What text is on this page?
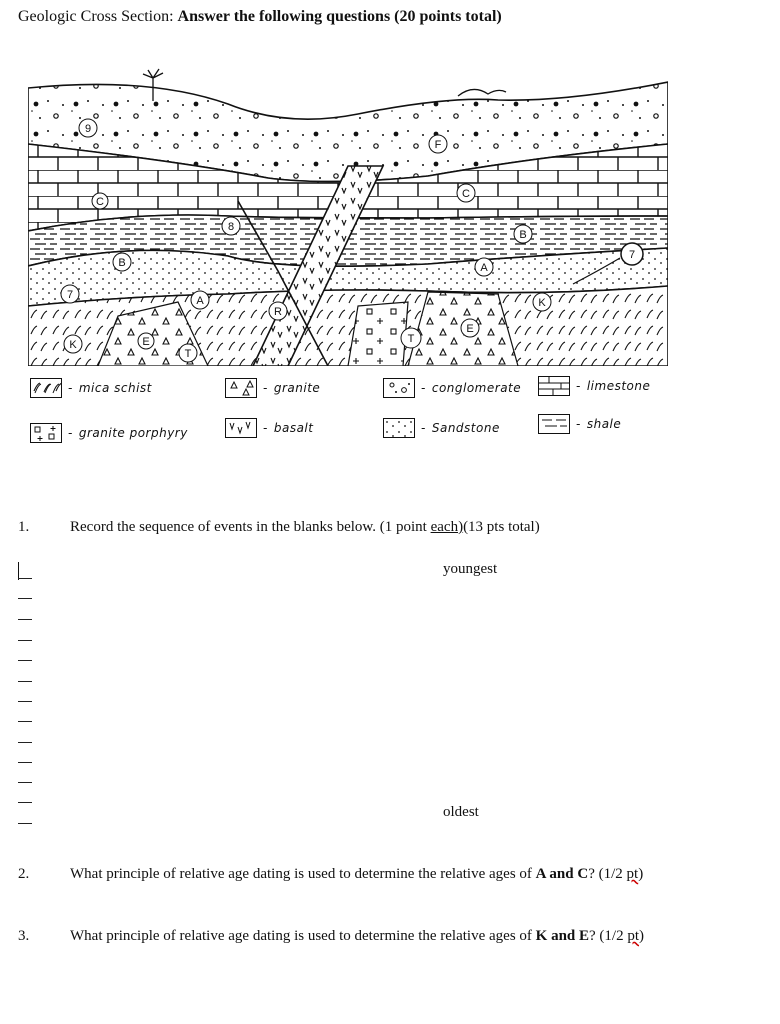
Geologic Cross Section: Answer the following questions (20 points total)
9
C
8
B
7	A
K	E
T
R
F
C
B
A
7
E
T
K
- mica schist	- granite	- conglomerate	- limestone
- granite porphyry	- basalt	- Sandstone	- shale
1.	Record the sequence of events in the blanks below. (1 point each)(13 pts total)
youngest
oldest
2.	What principle of relative age dating is used to determine the relative ages of A and C? (1/2 pt)
3.	What principle of relative age dating is used to determine the relative ages of K and E? (1/2 pt)
